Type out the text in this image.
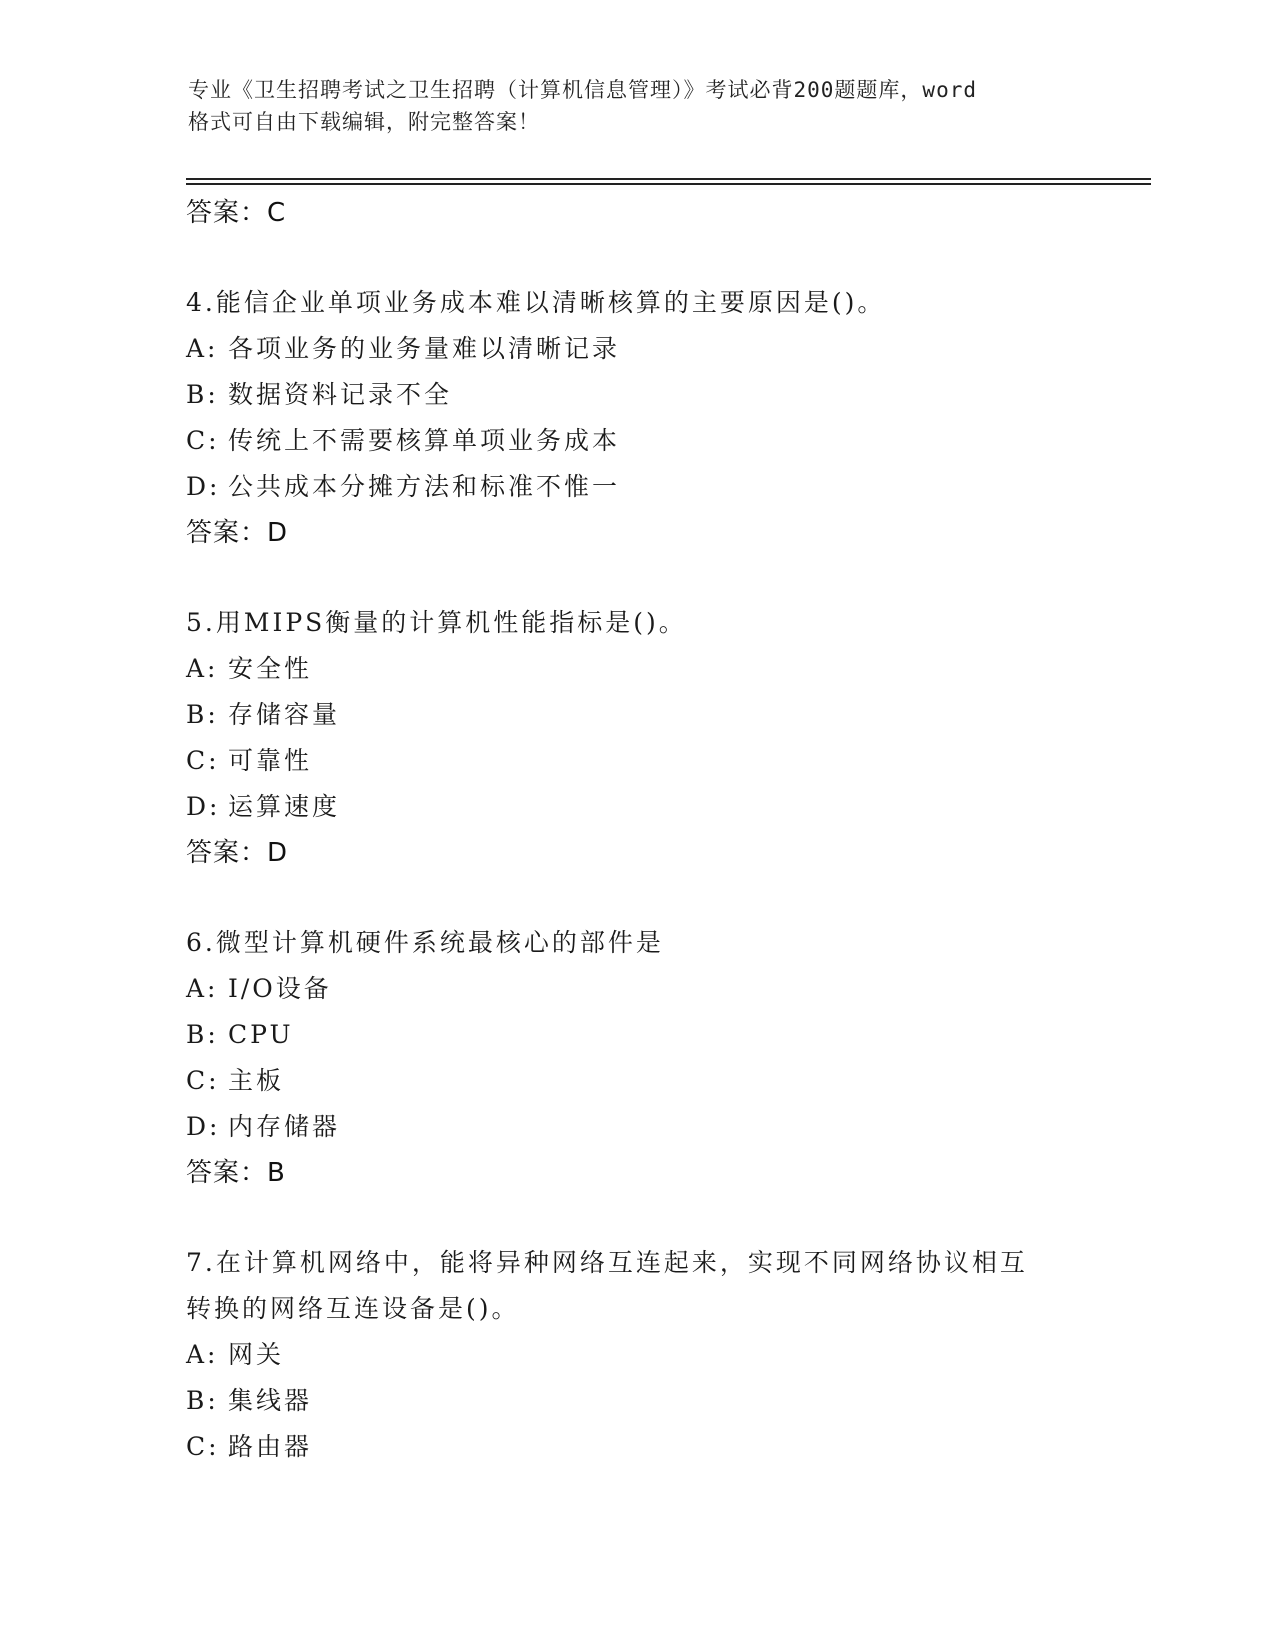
专业《卫生招聘考试之卫生招聘（计算机信息管理）》考试必背200题题库，word
格式可自由下载编辑，附完整答案！
答案：C
4.能信企业单项业务成本难以清晰核算的主要原因是()。
A: 各项业务的业务量难以清晰记录
B: 数据资料记录不全
C: 传统上不需要核算单项业务成本
D: 公共成本分摊方法和标准不惟一
答案：D
5.用MIPS衡量的计算机性能指标是()。
A: 安全性
B: 存储容量
C: 可靠性
D: 运算速度
答案：D
6.微型计算机硬件系统最核心的部件是
A: I/O设备
B: CPU
C: 主板
D: 内存储器
答案：B
7.在计算机网络中，能将异种网络互连起来，实现不同网络协议相互
转换的网络互连设备是()。
A: 网关
B: 集线器
C: 路由器
